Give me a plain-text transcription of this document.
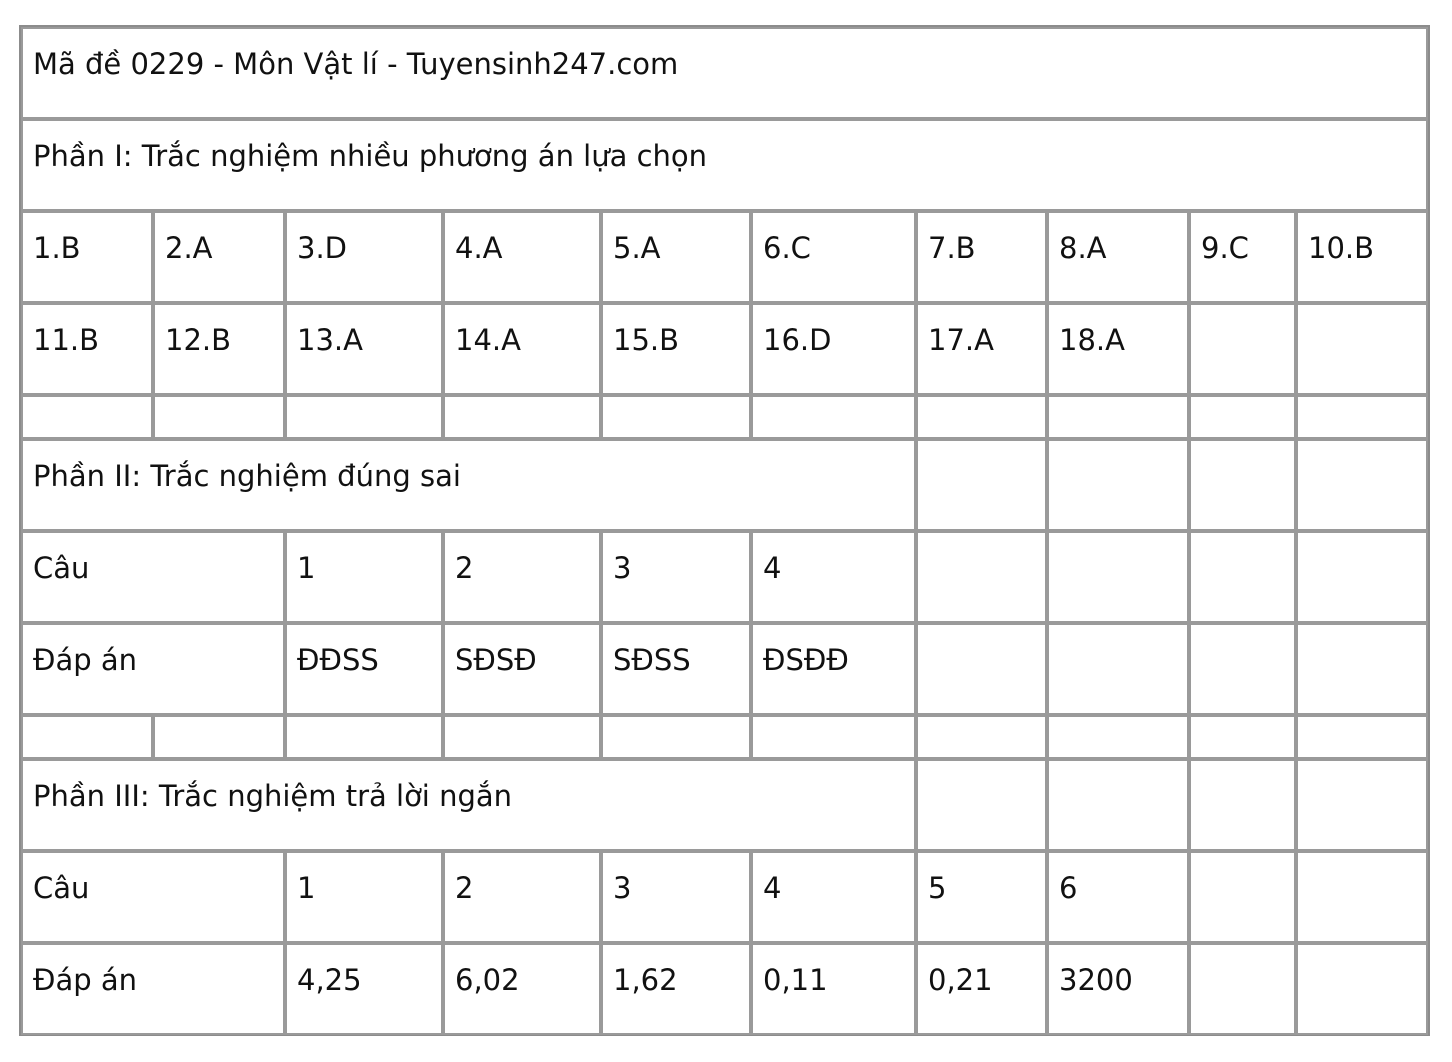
Mã đề 0229 - Môn Vật lí - Tuyensinh247.com									
Phần I: Trắc nghiệm nhiều phương án lựa chọn									
1.B	2.A	3.D	4.A	5.A	6.C	7.B	8.A	9.C	10.B
11.B	12.B	13.A	14.A	15.B	16.D	17.A	18.A		

Phần II: Trắc nghiệm đúng sai									
Câu		1	2	3	4				
Đáp án		ĐĐSS	SĐSĐ	SĐSS	ĐSĐĐ				

Phần III: Trắc nghiệm trả lời ngắn									
Câu		1	2	3	4	5	6		
Đáp án		4,25	6,02	1,62	0,11	0,21	3200		
